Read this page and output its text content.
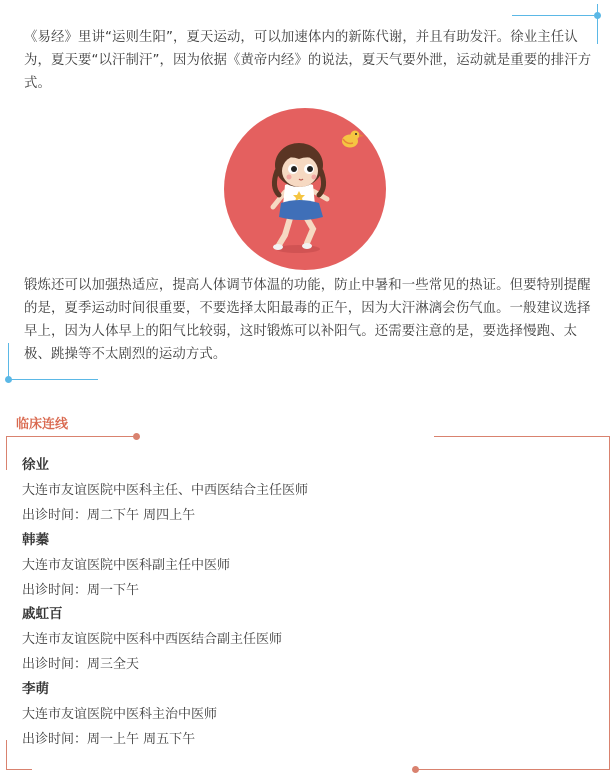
《易经》里讲“运则生阳”，夏天运动，可以加速体内的新陈代谢，并且有助发汗。徐业主任认为，夏天要“以汗制汗”，因为依据《黄帝内经》的说法，夏天气要外泄，运动就是重要的排汗方式。

锻炼还可以加强热适应，提高人体调节体温的功能，防止中暑和一些常见的热证。但要特别提醒的是，夏季运动时间很重要，不要选择太阳最毒的正午，因为大汗淋漓会伤气血。一般建议选择早上，因为人体早上的阳气比较弱，这时锻炼可以补阳气。还需要注意的是，要选择慢跑、太极、跳操等不太剧烈的运动方式。

临床连线
徐业
大连市友谊医院中医科主任、中西医结合主任医师
出诊时间：周二下午 周四上午
韩蓁
大连市友谊医院中医科副主任中医师
出诊时间：周一下午
戚虹百
大连市友谊医院中医科中西医结合副主任医师
出诊时间：周三全天
李萌
大连市友谊医院中医科主治中医师
出诊时间：周一上午 周五下午
